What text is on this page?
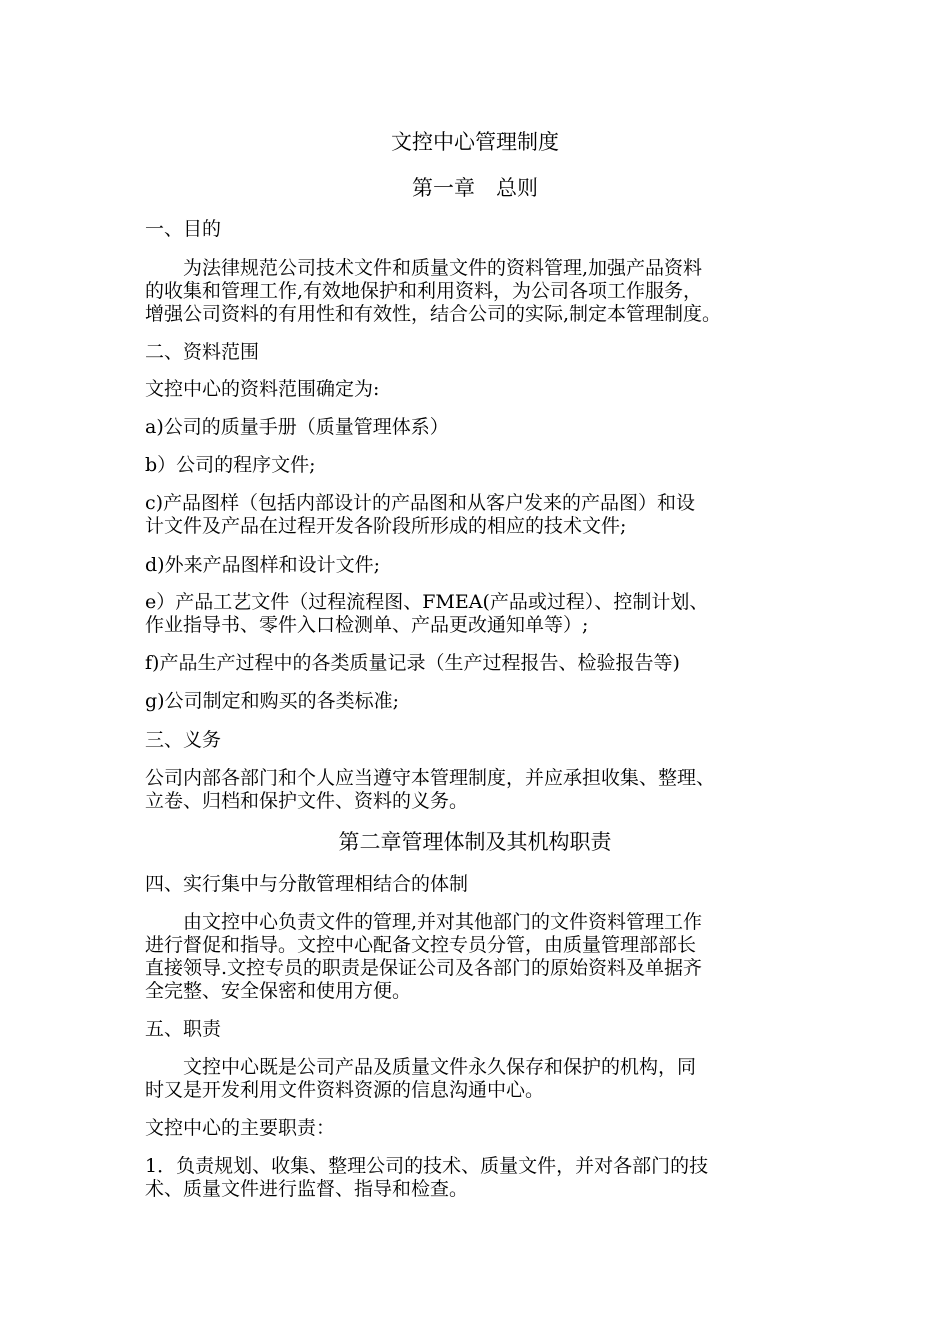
文控中心管理制度
第一章　总则
一、目的
　　为法律规范公司技术文件和质量文件的资料管理,加强产品资料
的收集和管理工作,有效地保护和利用资料，为公司各项工作服务，
增强公司资料的有用性和有效性，结合公司的实际,制定本管理制度。
二、资料范围
文控中心的资料范围确定为:
a)公司的质量手册（质量管理体系）
b）公司的程序文件;
c)产品图样（包括内部设计的产品图和从客户发来的产品图）和设
计文件及产品在过程开发各阶段所形成的相应的技术文件;
d)外来产品图样和设计文件;
e）产品工艺文件（过程流程图、FMEA(产品或过程）、控制计划、
作业指导书、零件入口检测单、产品更改通知单等）;
f)产品生产过程中的各类质量记录（生产过程报告、检验报告等)
g)公司制定和购买的各类标准;
三、义务
公司内部各部门和个人应当遵守本管理制度，并应承担收集、整理、
立卷、归档和保护文件、资料的义务。
第二章管理体制及其机构职责
四、实行集中与分散管理相结合的体制
　　由文控中心负责文件的管理,并对其他部门的文件资料管理工作
进行督促和指导。文控中心配备文控专员分管，由质量管理部部长
直接领导.文控专员的职责是保证公司及各部门的原始资料及单据齐
全完整、安全保密和使用方便。
五、职责
　　文控中心既是公司产品及质量文件永久保存和保护的机构，同
时又是开发利用文件资料资源的信息沟通中心。
文控中心的主要职责：
1．负责规划、收集、整理公司的技术、质量文件，并对各部门的技
术、质量文件进行监督、指导和检查。
